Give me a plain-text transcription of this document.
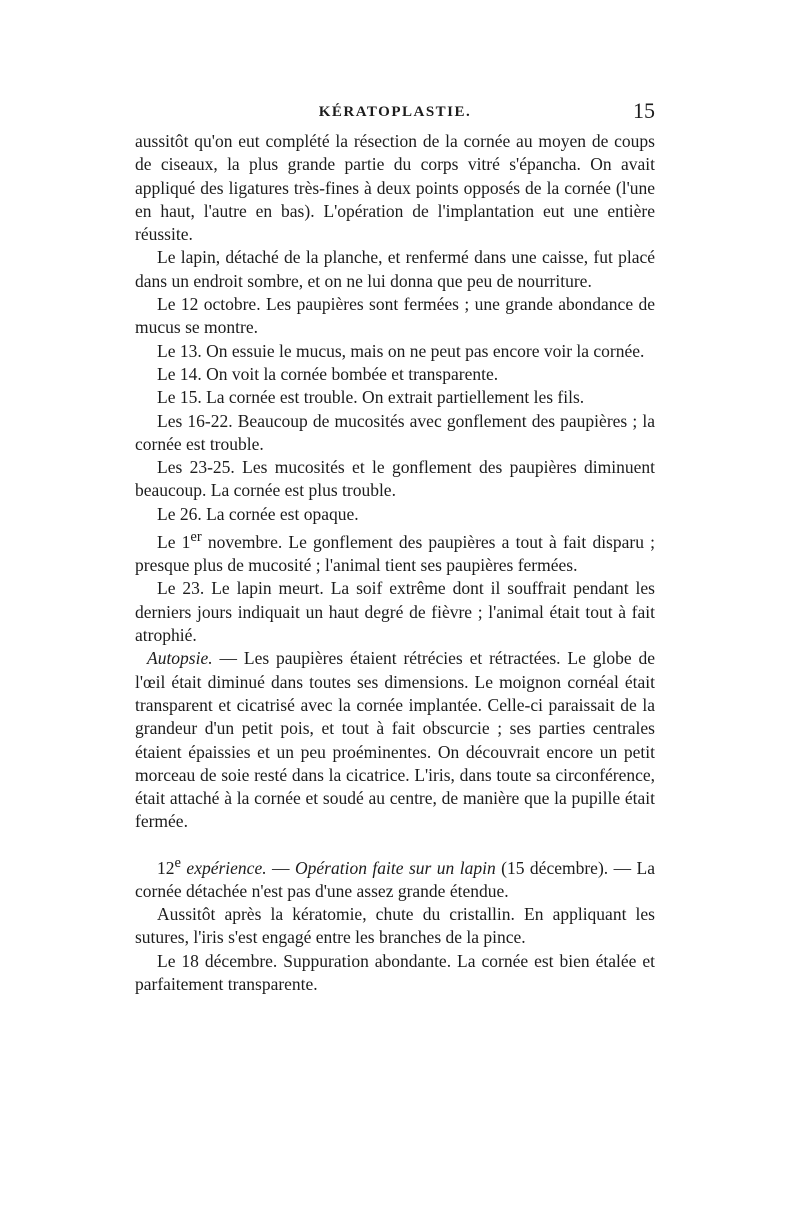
KÉRATOPLASTIE.	15

aussitôt qu'on eut complété la résection de la cornée au moyen de coups de ciseaux, la plus grande partie du corps vitré s'épancha. On avait appliqué des ligatures très-fines à deux points opposés de la cornée (l'une en haut, l'autre en bas). L'opération de l'implantation eut une entière réussite.

Le lapin, détaché de la planche, et renfermé dans une caisse, fut placé dans un endroit sombre, et on ne lui donna que peu de nourriture.

Le 12 octobre. Les paupières sont fermées ; une grande abondance de mucus se montre.

Le 13. On essuie le mucus, mais on ne peut pas encore voir la cornée.

Le 14. On voit la cornée bombée et transparente.

Le 15. La cornée est trouble. On extrait partiellement les fils.

Les 16-22. Beaucoup de mucosités avec gonflement des paupières ; la cornée est trouble.

Les 23-25. Les mucosités et le gonflement des paupières diminuent beaucoup. La cornée est plus trouble.

Le 26. La cornée est opaque.

Le 1er novembre. Le gonflement des paupières a tout à fait disparu ; presque plus de mucosité ; l'animal tient ses paupières fermées.

Le 23. Le lapin meurt. La soif extrême dont il souffrait pendant les derniers jours indiquait un haut degré de fièvre ; l'animal était tout à fait atrophié.

Autopsie. — Les paupières étaient rétrécies et rétractées. Le globe de l'œil était diminué dans toutes ses dimensions. Le moignon cornéal était transparent et cicatrisé avec la cornée implantée. Celle-ci paraissait de la grandeur d'un petit pois, et tout à fait obscurcie ; ses parties centrales étaient épaissies et un peu proéminentes. On découvrait encore un petit morceau de soie resté dans la cicatrice. L'iris, dans toute sa circonférence, était attaché à la cornée et soudé au centre, de manière que la pupille était fermée.

12e expérience. — Opération faite sur un lapin (15 décembre). — La cornée détachée n'est pas d'une assez grande étendue.

Aussitôt après la kératomie, chute du cristallin. En appliquant les sutures, l'iris s'est engagé entre les branches de la pince.

Le 18 décembre. Suppuration abondante. La cornée est bien étalée et parfaitement transparente.
